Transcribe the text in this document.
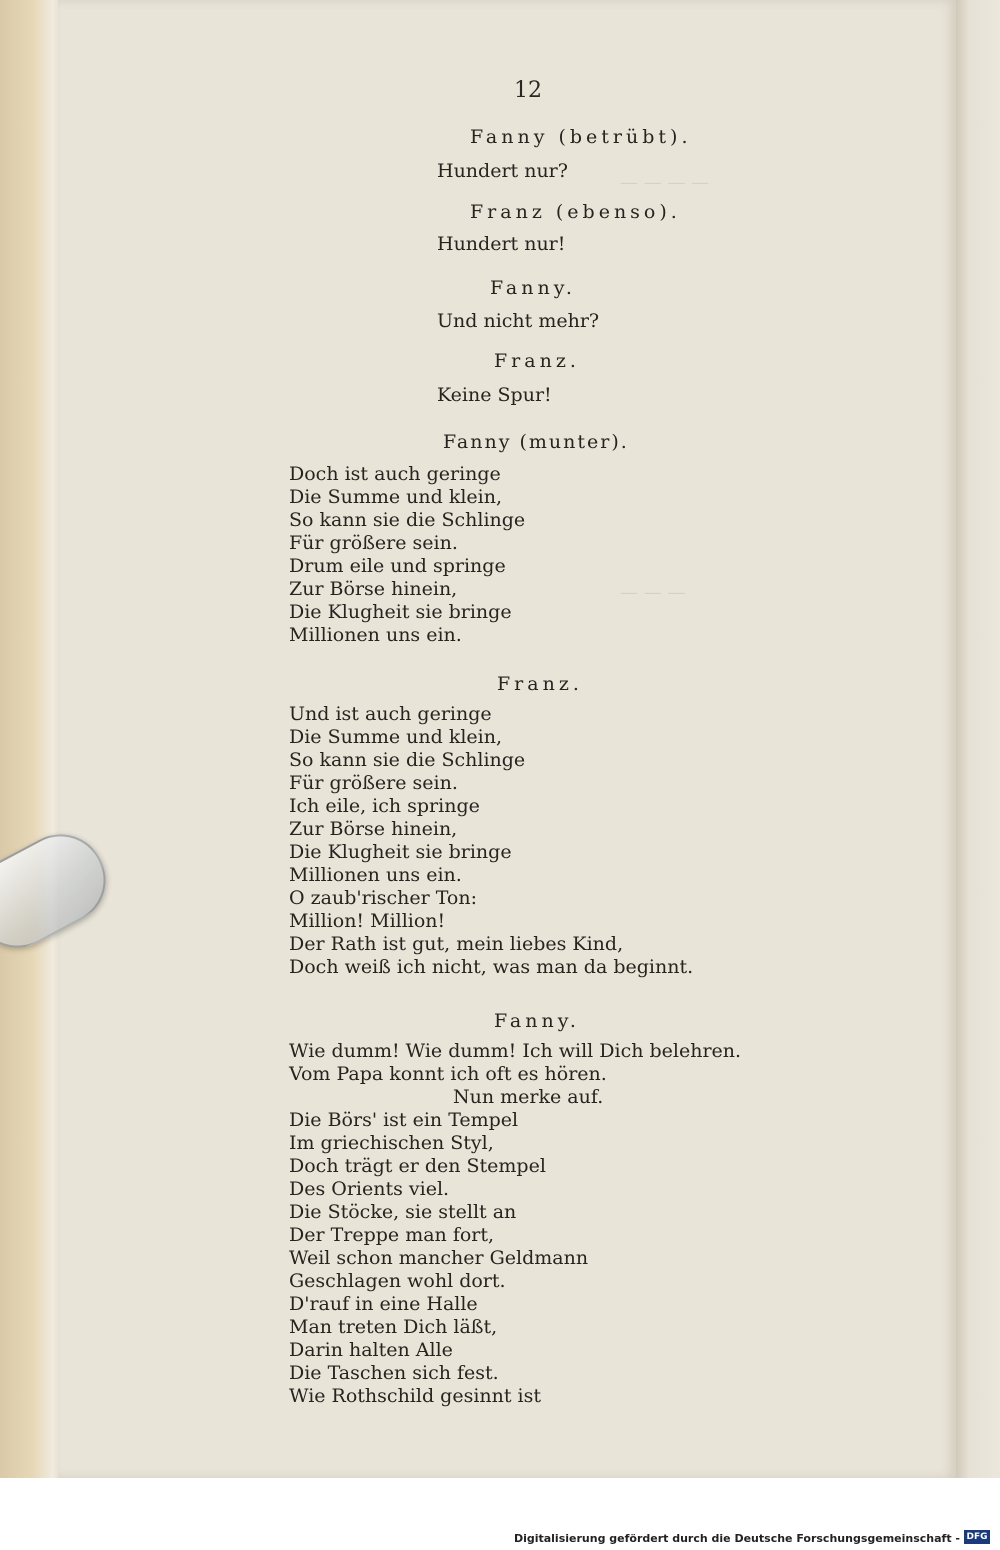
— — — —
— — —
12
Fanny (betrübt).
Hundert nur?
Franz (ebenso).
Hundert nur!
Fanny.
Und nicht mehr?
Franz.
Keine Spur!
Fanny (munter).
Doch ist auch geringe
Die Summe und klein,
So kann sie die Schlinge
Für größere sein.
Drum eile und springe
Zur Börse hinein,
Die Klugheit sie bringe
Millionen uns ein.
Franz.
Und ist auch geringe
Die Summe und klein,
So kann sie die Schlinge
Für größere sein.
Ich eile, ich springe
Zur Börse hinein,
Die Klugheit sie bringe
Millionen uns ein.
O zaub'rischer Ton:
Million! Million!
Der Rath ist gut, mein liebes Kind,
Doch weiß ich nicht, was man da beginnt.
Fanny.
Wie dumm! Wie dumm! Ich will Dich belehren.
Vom Papa konnt ich oft es hören.
Nun merke auf.
Die Börs' ist ein Tempel
Im griechischen Styl,
Doch trägt er den Stempel
Des Orients viel.
Die Stöcke, sie stellt an
Der Treppe man fort,
Weil schon mancher Geldmann
Geschlagen wohl dort.
D'rauf in eine Halle
Man treten Dich läßt,
Darin halten Alle
Die Taschen sich fest.
Wie Rothschild gesinnt ist
Digitalisierung gefördert durch die Deutsche Forschungsgemeinschaft - DFG
